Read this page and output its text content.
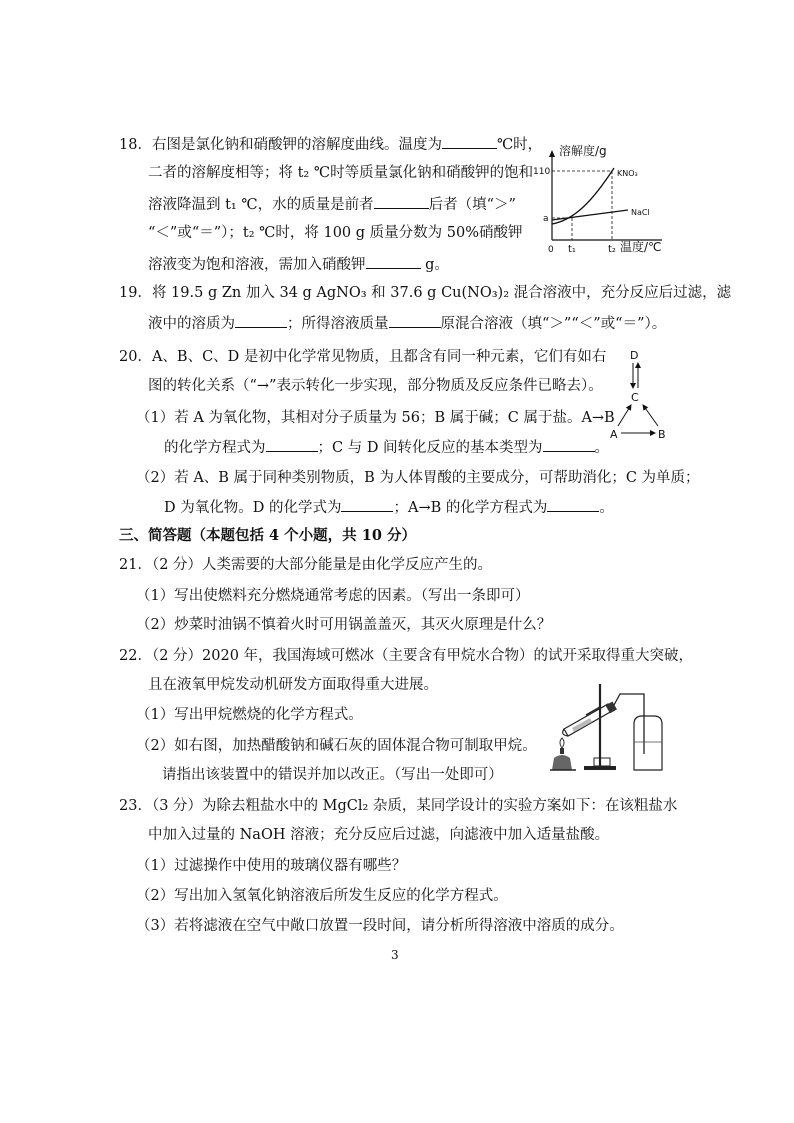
18．右图是氯化钠和硝酸钾的溶解度曲线。温度为	℃时，
二者的溶解度相等；将 t₂ ℃时等质量氯化钠和硝酸钾的饱和
溶液降温到 t₁ ℃，水的质量是前者	后者（填“＞”
“＜”或“＝”）；t₂ ℃时，将 100 g 质量分数为 50%硝酸钾
溶液变为饱和溶液，需加入硝酸钾	g。
溶解度/g
110
a
0 t₁	t₂ 温度/℃
KNO₃
NaCl
19．将 19.5 g Zn 加入 34 g AgNO₃ 和 37.6 g Cu(NO₃)₂ 混合溶液中，充分反应后过滤，滤
液中的溶质为	；所得溶液质量	原混合溶液（填“＞”“＜”或“＝”）。
20．A、B、C、D 是初中化学常见物质，且都含有同一种元素，它们有如右
图的转化关系（“→”表示转化一步实现，部分物质及反应条件已略去）。
（1）若 A 为氧化物，其相对分子质量为 56；B 属于碱；C 属于盐。A→B
的化学方程式为	；C 与 D 间转化反应的基本类型为	。
（2）若 A、B 属于同种类别物质，B 为人体胃酸的主要成分，可帮助消化；C 为单质；
D 为氧化物。D 的化学式为	；A→B 的化学方程式为	。
D
C
A	B
三、简答题（本题包括 4 个小题，共 10 分）
21．（2 分）人类需要的大部分能量是由化学反应产生的。
（1）写出使燃料充分燃烧通常考虑的因素。（写出一条即可）
（2）炒菜时油锅不慎着火时可用锅盖盖灭，其灭火原理是什么？
22．（2 分）2020 年，我国海域可燃冰（主要含有甲烷水合物）的试开采取得重大突破，
且在液氧甲烷发动机研发方面取得重大进展。
（1）写出甲烷燃烧的化学方程式。
（2）如右图，加热醋酸钠和碱石灰的固体混合物可制取甲烷。
请指出该装置中的错误并加以改正。（写出一处即可）
23．（3 分）为除去粗盐水中的 MgCl₂ 杂质，某同学设计的实验方案如下：在该粗盐水
中加入过量的 NaOH 溶液；充分反应后过滤，向滤液中加入适量盐酸。
（1）过滤操作中使用的玻璃仪器有哪些？
（2）写出加入氢氧化钠溶液后所发生反应的化学方程式。
（3）若将滤液在空气中敞口放置一段时间，请分析所得溶液中溶质的成分。
3
